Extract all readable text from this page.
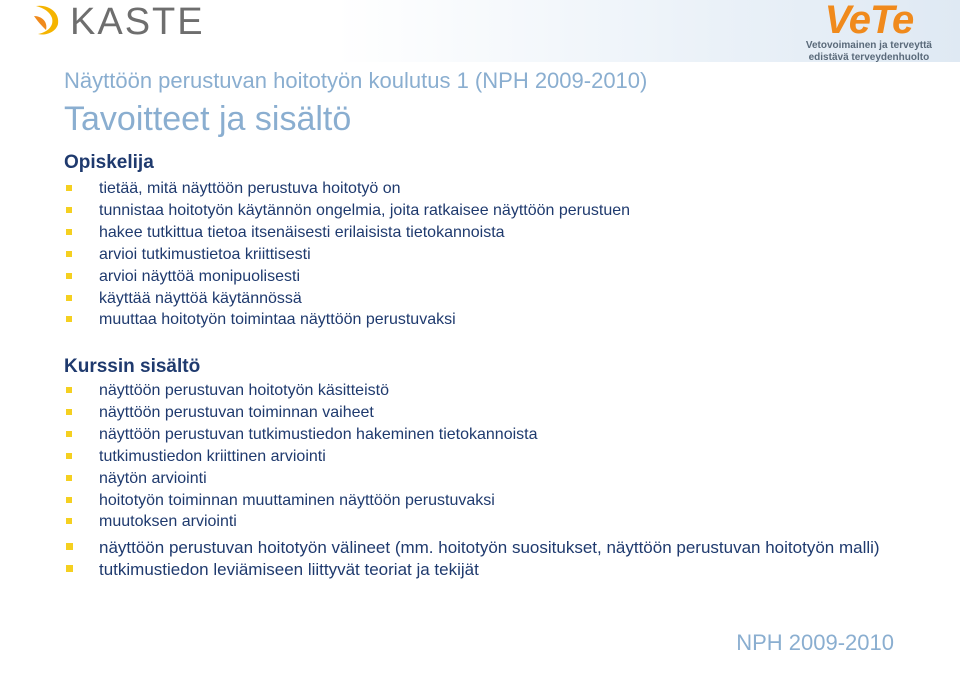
KASTE	VeTe
Vetovoimainen ja terveyttä
edistävä terveydenhuolto
Näyttöön perustuvan hoitotyön koulutus 1 (NPH 2009-2010)
Tavoitteet ja sisältö
Opiskelija
tietää, mitä näyttöön perustuva hoitotyö on
tunnistaa hoitotyön käytännön ongelmia, joita ratkaisee näyttöön perustuen
hakee tutkittua tietoa itsenäisesti erilaisista tietokannoista
arvioi tutkimustietoa kriittisesti
arvioi näyttöä monipuolisesti
käyttää näyttöä käytännössä
muuttaa hoitotyön toimintaa näyttöön perustuvaksi
Kurssin sisältö
näyttöön perustuvan hoitotyön käsitteistö
näyttöön perustuvan toiminnan vaiheet
näyttöön perustuvan tutkimustiedon hakeminen tietokannoista
tutkimustiedon kriittinen arviointi
näytön arviointi
hoitotyön toiminnan muuttaminen näyttöön perustuvaksi
muutoksen arviointi
näyttöön perustuvan hoitotyön välineet (mm. hoitotyön suositukset, näyttöön perustuvan hoitotyön malli)
tutkimustiedon leviämiseen liittyvät teoriat ja tekijät
NPH 2009-2010
